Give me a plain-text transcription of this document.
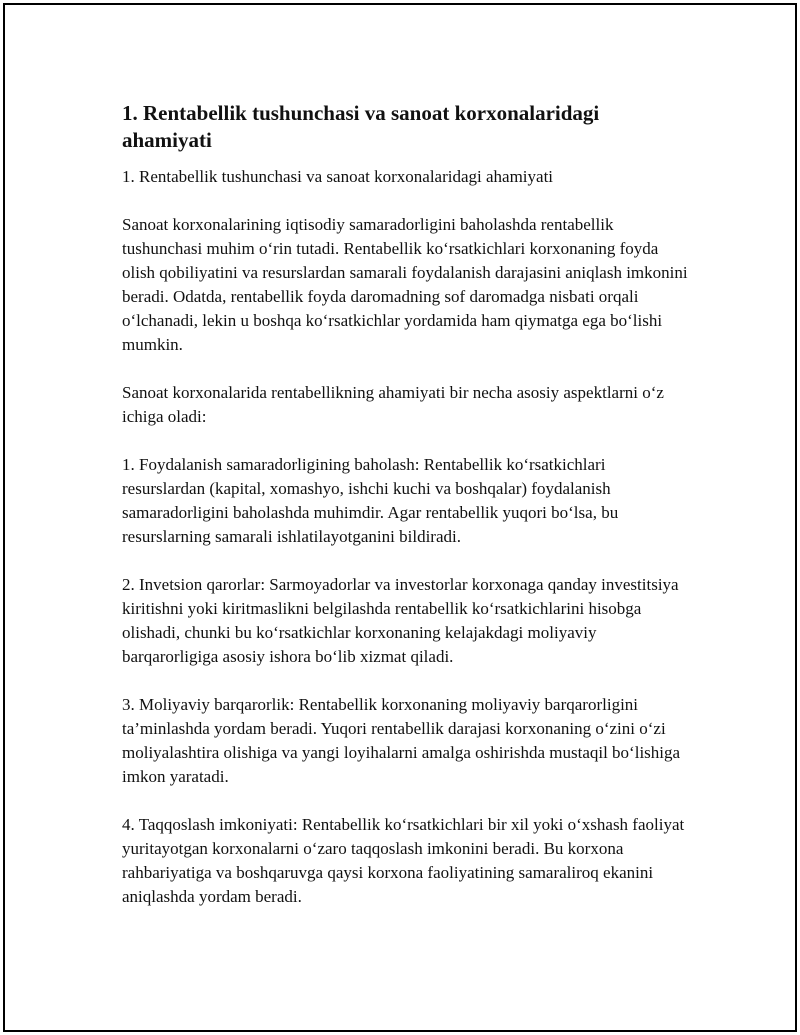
1. Rentabellik tushunchasi va sanoat korxonalaridagi ahamiyati

1. Rentabellik tushunchasi va sanoat korxonalaridagi ahamiyati

Sanoat korxonalarining iqtisodiy samaradorligini baholashda rentabellik tushunchasi muhim o‘rin tutadi. Rentabellik ko‘rsatkichlari korxonaning foyda olish qobiliyatini va resurslardan samarali foydalanish darajasini aniqlash imkonini beradi. Odatda, rentabellik foyda daromadning sof daromadga nisbati orqali o‘lchanadi, lekin u boshqa ko‘rsatkichlar yordamida ham qiymatga ega bo‘lishi mumkin.

Sanoat korxonalarida rentabellikning ahamiyati bir necha asosiy aspektlarni o‘z ichiga oladi:

1. Foydalanish samaradorligining baholash: Rentabellik ko‘rsatkichlari resurslardan (kapital, xomashyo, ishchi kuchi va boshqalar) foydalanish samaradorligini baholashda muhimdir. Agar rentabellik yuqori bo‘lsa, bu resurslarning samarali ishlatilayotganini bildiradi.

2. Invetsion qarorlar: Sarmoyadorlar va investorlar korxonaga qanday investitsiya kiritishni yoki kiritmaslikni belgilashda rentabellik ko‘rsatkichlarini hisobga olishadi, chunki bu ko‘rsatkichlar korxonaning kelajakdagi moliyaviy barqarorligiga asosiy ishora bo‘lib xizmat qiladi.

3. Moliyaviy barqarorlik: Rentabellik korxonaning moliyaviy barqarorligini ta’minlashda yordam beradi. Yuqori rentabellik darajasi korxonaning o‘zini o‘zi moliyalashtira olishiga va yangi loyihalarni amalga oshirishda mustaqil bo‘lishiga imkon yaratadi.

4. Taqqoslash imkoniyati: Rentabellik ko‘rsatkichlari bir xil yoki o‘xshash faoliyat yuritayotgan korxonalarni o‘zaro taqqoslash imkonini beradi. Bu korxona rahbariyatiga va boshqaruvga qaysi korxona faoliyatining samaraliroq ekanini aniqlashda yordam beradi.
